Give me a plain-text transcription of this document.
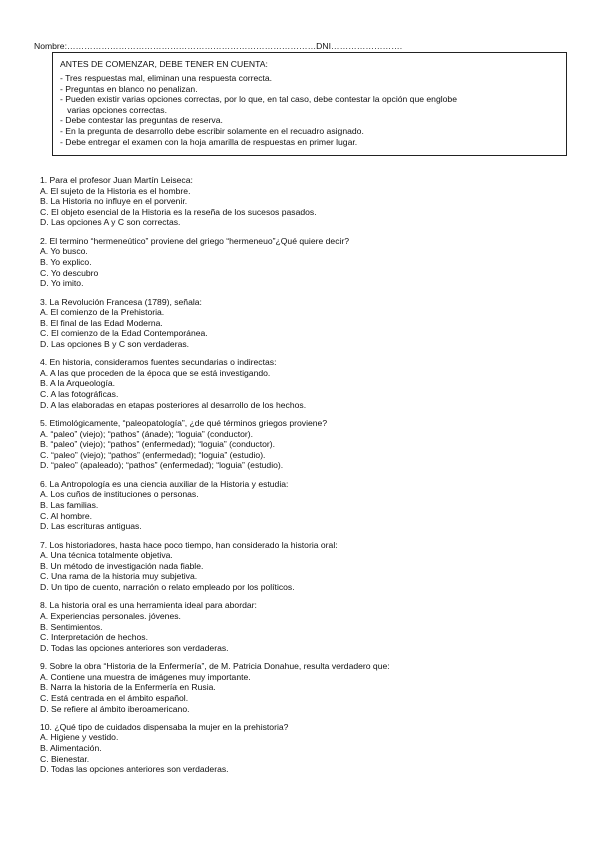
Nombre:……………………………………………………………………………DNI…………………….
ANTES DE COMENZAR, DEBE TENER EN CUENTA:
- Tres respuestas mal, eliminan una respuesta correcta.
- Preguntas en blanco no penalizan.
- Pueden existir varias opciones correctas, por lo que, en tal caso, debe contestar la opción que englobe
varias opciones correctas.
- Debe contestar las preguntas de reserva.
- En la pregunta de desarrollo debe escribir solamente en el recuadro asignado.
- Debe entregar el examen con la hoja amarilla de respuestas en primer lugar.
1. Para el profesor Juan Martín Leiseca:
A. El sujeto de la Historia es el hombre.
B. La Historia no influye en el porvenir.
C. El objeto esencial de la Historia es la reseña de los sucesos pasados.
D. Las opciones A y C son correctas.
2. El termino “hermeneútico” proviene del griego “hermeneuo”¿Qué quiere decir?
A. Yo busco.
B. Yo explico.
C. Yo descubro
D. Yo imito.
3. La Revolución Francesa (1789), señala:
A. El comienzo de la Prehistoria.
B. El final de las Edad Moderna.
C. El comienzo de la Edad Contemporánea.
D. Las opciones B y C son verdaderas.
4. En historia, consideramos fuentes secundarias o indirectas:
A. A las que proceden de la época que se está investigando.
B. A la Arqueología.
C. A las fotográficas.
D. A las elaboradas en etapas posteriores al desarrollo de los hechos.
5. Etimológicamente, “paleopatología”, ¿de qué términos griegos proviene?
A. “paleo” (viejo); “pathos” (ánade); “loguia” (conductor).
B. “paleo” (viejo); “pathos” (enfermedad); “loguia” (conductor).
C. “paleo” (viejo); “pathos” (enfermedad); “loguia” (estudio).
D. “paleo” (apaleado); “pathos” (enfermedad); “loguia” (estudio).
6. La Antropología es una ciencia auxiliar de la Historia y estudia:
A. Los cuños de instituciones o personas.
B. Las familias.
C. Al hombre.
D. Las escrituras antiguas.
7. Los historiadores, hasta hace poco tiempo, han considerado la historia oral:
A. Una técnica totalmente objetiva.
B. Un método de investigación nada fiable.
C. Una rama de la historia muy subjetiva.
D. Un tipo de cuento, narración o relato empleado por los políticos.
8. La historia oral es una herramienta ideal para abordar:
A. Experiencias personales. jóvenes.
B. Sentimientos.
C. Interpretación de hechos.
D. Todas las opciones anteriores son verdaderas.
9. Sobre la obra “Historia de la Enfermería”, de M. Patricia Donahue, resulta verdadero que:
A. Contiene una muestra de imágenes muy importante.
B. Narra la historia de la Enfermería en Rusia.
C. Está centrada en el ámbito español.
D. Se refiere al ámbito iberoamericano.
10. ¿Qué tipo de cuidados dispensaba la mujer en la prehistoria?
A. Higiene y vestido.
B. Alimentación.
C. Bienestar.
D. Todas las opciones anteriores son verdaderas.
